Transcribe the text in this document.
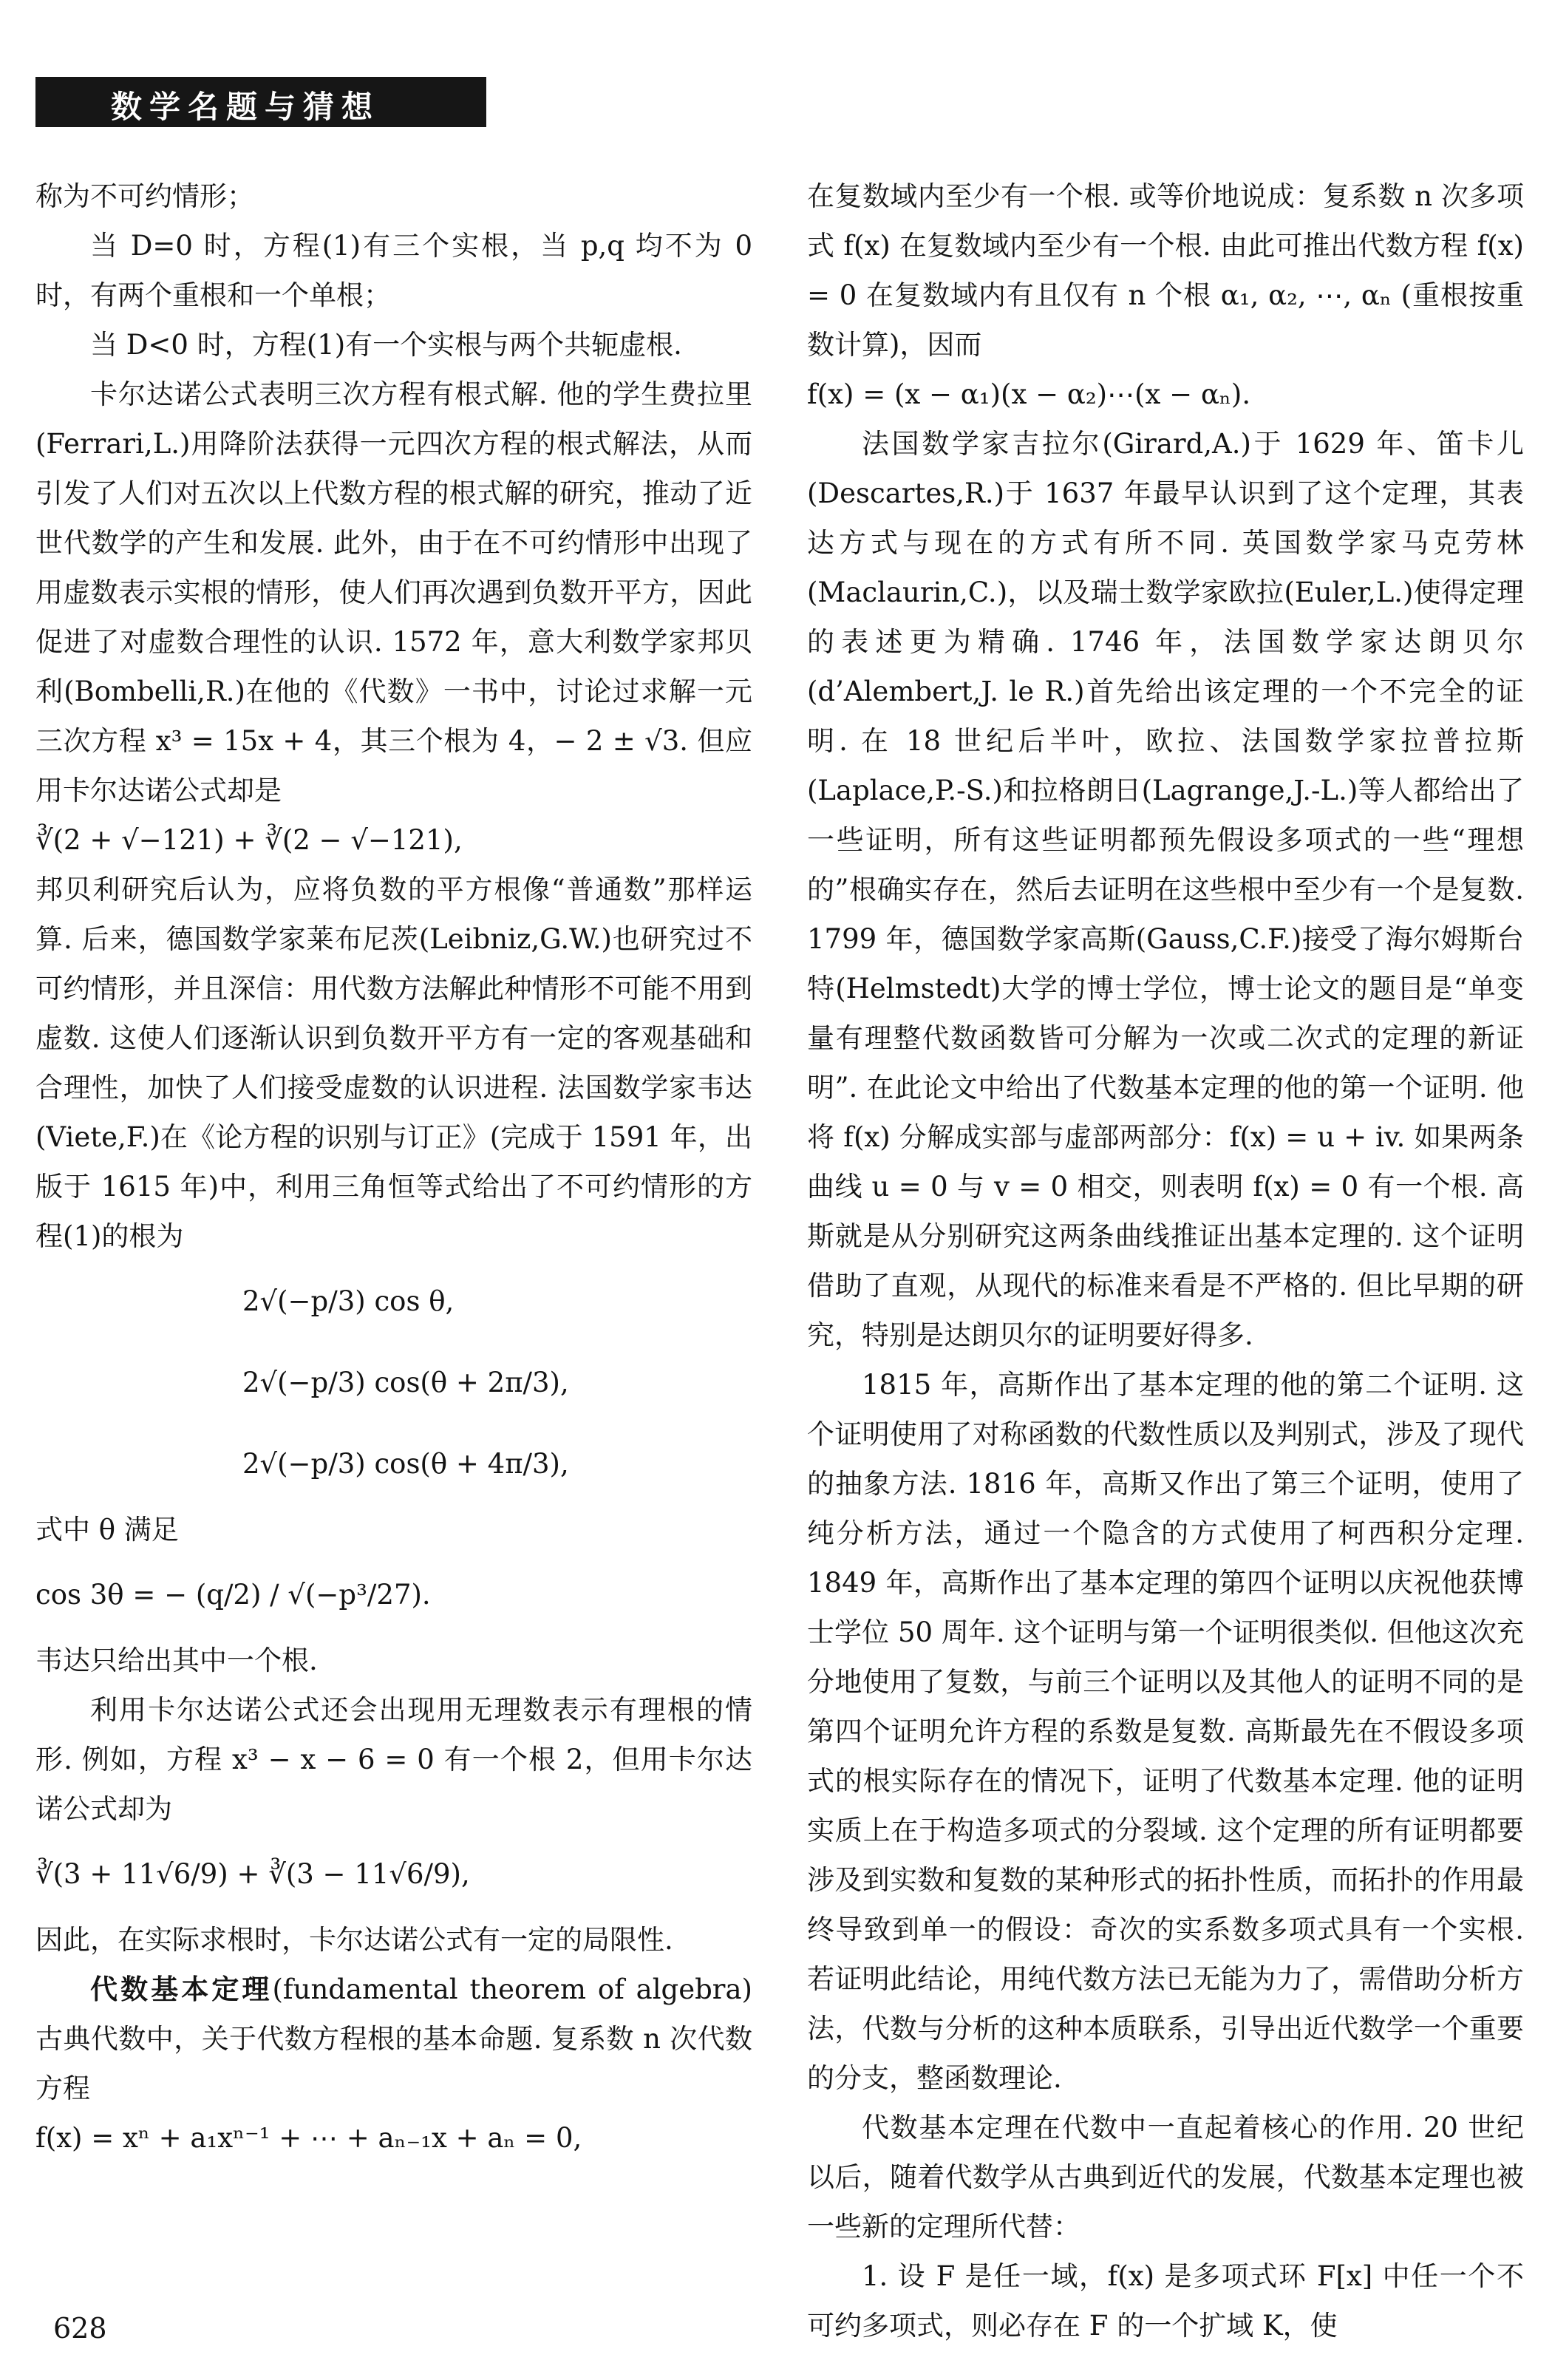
数学名题与猜想

称为不可约情形；

当 D=0 时，方程(1)有三个实根，当 p,q 均不为 0 时，有两个重根和一个单根；

当 D<0 时，方程(1)有一个实根与两个共轭虚根.

卡尔达诺公式表明三次方程有根式解. 他的学生费拉里(Ferrari,L.)用降阶法获得一元四次方程的根式解法，从而引发了人们对五次以上代数方程的根式解的研究，推动了近世代数学的产生和发展. 此外，由于在不可约情形中出现了用虚数表示实根的情形，使人们再次遇到负数开平方，因此促进了对虚数合理性的认识. 1572 年，意大利数学家邦贝利(Bombelli,R.)在他的《代数》一书中，讨论过求解一元三次方程 x³ = 15x + 4，其三个根为 4，− 2 ± √3. 但应用卡尔达诺公式却是

∛(2 + √−121) + ∛(2 − √−121),

邦贝利研究后认为，应将负数的平方根像“普通数”那样运算. 后来，德国数学家莱布尼茨(Leibniz,G.W.)也研究过不可约情形，并且深信：用代数方法解此种情形不可能不用到虚数. 这使人们逐渐认识到负数开平方有一定的客观基础和合理性，加快了人们接受虚数的认识进程. 法国数学家韦达(Viete,F.)在《论方程的识别与订正》(完成于 1591 年，出版于 1615 年)中，利用三角恒等式给出了不可约情形的方程(1)的根为

2√(−p/3) cos θ,

2√(−p/3) cos(θ + 2π/3),

2√(−p/3) cos(θ + 4π/3),

式中 θ 满足

cos 3θ = − (q/2) / √(−p³/27).

韦达只给出其中一个根.

利用卡尔达诺公式还会出现用无理数表示有理根的情形. 例如，方程 x³ − x − 6 = 0 有一个根 2，但用卡尔达诺公式却为

∛(3 + 11√6/9) + ∛(3 − 11√6/9),

因此，在实际求根时，卡尔达诺公式有一定的局限性.

代数基本定理(fundamental theorem of algebra)　古典代数中，关于代数方程根的基本命题. 复系数 n 次代数方程

f(x) = xⁿ + a₁xⁿ⁻¹ + ⋯ + aₙ₋₁x + aₙ = 0,

在复数域内至少有一个根. 或等价地说成：复系数 n 次多项式 f(x) 在复数域内至少有一个根. 由此可推出代数方程 f(x) = 0 在复数域内有且仅有 n 个根 α₁, α₂, ⋯, αₙ (重根按重数计算)，因而

f(x) = (x − α₁)(x − α₂)⋯(x − αₙ).

法国数学家吉拉尔(Girard,A.)于 1629 年、笛卡儿(Descartes,R.)于 1637 年最早认识到了这个定理，其表达方式与现在的方式有所不同. 英国数学家马克劳林(Maclaurin,C.)，以及瑞士数学家欧拉(Euler,L.)使得定理的表述更为精确. 1746 年，法国数学家达朗贝尔(d’Alembert,J. le R.)首先给出该定理的一个不完全的证明. 在 18 世纪后半叶，欧拉、法国数学家拉普拉斯(Laplace,P.-S.)和拉格朗日(Lagrange,J.-L.)等人都给出了一些证明，所有这些证明都预先假设多项式的一些“理想的”根确实存在，然后去证明在这些根中至少有一个是复数. 1799 年，德国数学家高斯(Gauss,C.F.)接受了海尔姆斯台特(Helmstedt)大学的博士学位，博士论文的题目是“单变量有理整代数函数皆可分解为一次或二次式的定理的新证明”. 在此论文中给出了代数基本定理的他的第一个证明. 他将 f(x) 分解成实部与虚部两部分：f(x) = u + iv. 如果两条曲线 u = 0 与 v = 0 相交，则表明 f(x) = 0 有一个根. 高斯就是从分别研究这两条曲线推证出基本定理的. 这个证明借助了直观，从现代的标准来看是不严格的. 但比早期的研究，特别是达朗贝尔的证明要好得多.

1815 年，高斯作出了基本定理的他的第二个证明. 这个证明使用了对称函数的代数性质以及判别式，涉及了现代的抽象方法. 1816 年，高斯又作出了第三个证明，使用了纯分析方法，通过一个隐含的方式使用了柯西积分定理. 1849 年，高斯作出了基本定理的第四个证明以庆祝他获博士学位 50 周年. 这个证明与第一个证明很类似. 但他这次充分地使用了复数，与前三个证明以及其他人的证明不同的是第四个证明允许方程的系数是复数. 高斯最先在不假设多项式的根实际存在的情况下，证明了代数基本定理. 他的证明实质上在于构造多项式的分裂域. 这个定理的所有证明都要涉及到实数和复数的某种形式的拓扑性质，而拓扑的作用最终导致到单一的假设：奇次的实系数多项式具有一个实根. 若证明此结论，用纯代数方法已无能为力了，需借助分析方法，代数与分析的这种本质联系，引导出近代数学一个重要的分支，整函数理论.

代数基本定理在代数中一直起着核心的作用. 20 世纪以后，随着代数学从古典到近代的发展，代数基本定理也被一些新的定理所代替：

1. 设 F 是任一域，f(x) 是多项式环 F[x] 中任一个不可约多项式，则必存在 F 的一个扩域 K，使

628
